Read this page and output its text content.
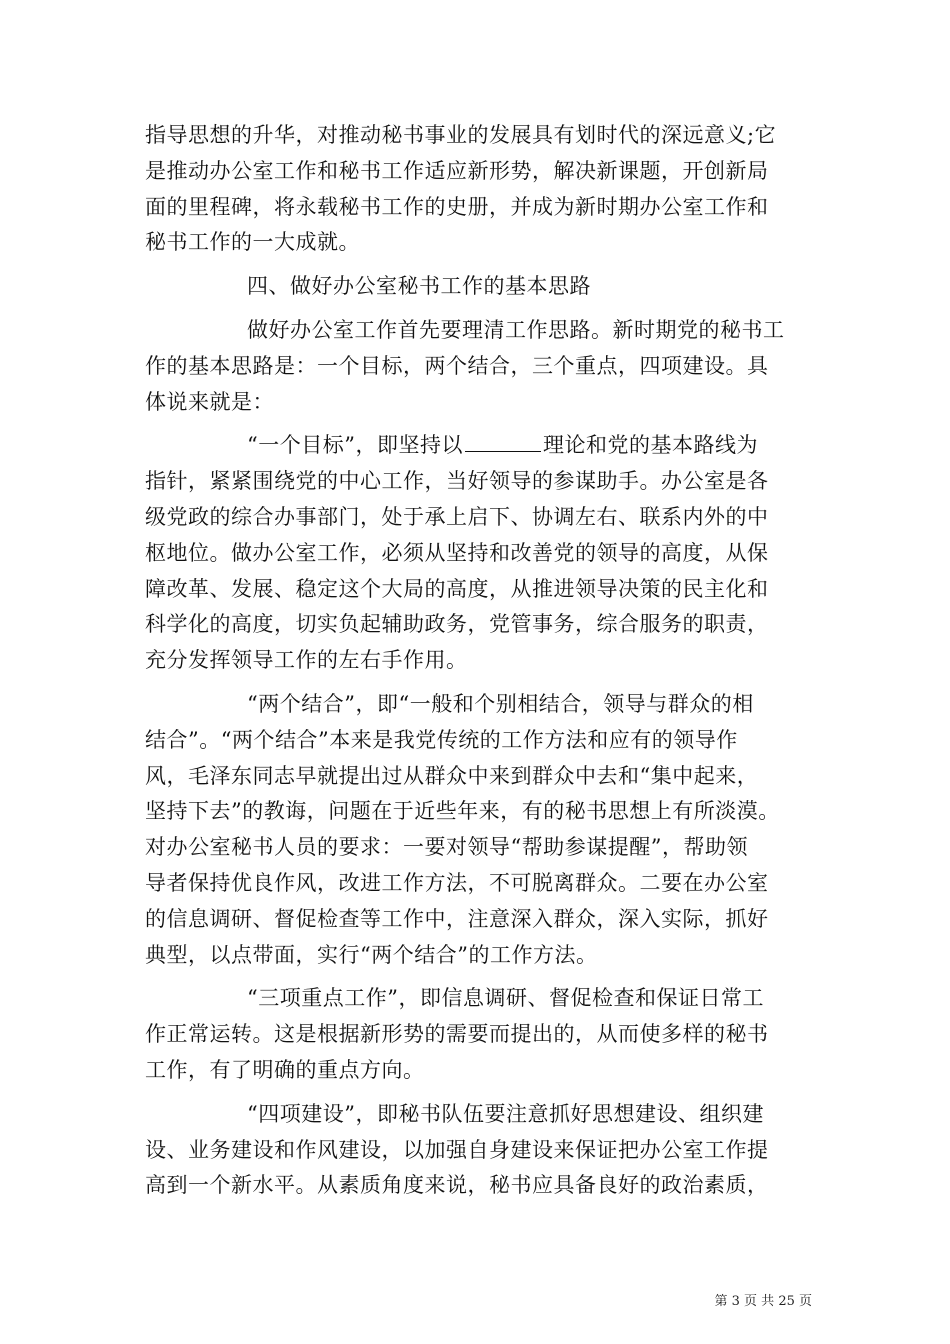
指导思想的升华，对推动秘书事业的发展具有划时代的深远意义;它
是推动办公室工作和秘书工作适应新形势，解决新课题，开创新局
面的里程碑，将永载秘书工作的史册，并成为新时期办公室工作和
秘书工作的一大成就。
四、做好办公室秘书工作的基本思路
做好办公室工作首先要理清工作思路。新时期党的秘书工
作的基本思路是：一个目标，两个结合，三个重点，四项建设。具
体说来就是：
“一个目标”，即坚持以	理论和党的基本路线为
指针，紧紧围绕党的中心工作，当好领导的参谋助手。办公室是各
级党政的综合办事部门，处于承上启下、协调左右、联系内外的中
枢地位。做办公室工作，必须从坚持和改善党的领导的高度，从保
障改革、发展、稳定这个大局的高度，从推进领导决策的民主化和
科学化的高度，切实负起辅助政务，党管事务，综合服务的职责，
充分发挥领导工作的左右手作用。
“两个结合”，即“一般和个别相结合，领导与群众的相
结合”。“两个结合”本来是我党传统的工作方法和应有的领导作
风，毛泽东同志早就提出过从群众中来到群众中去和“集中起来，
坚持下去”的教诲，问题在于近些年来，有的秘书思想上有所淡漠。
对办公室秘书人员的要求：一要对领导“帮助参谋提醒”，帮助领
导者保持优良作风，改进工作方法，不可脱离群众。二要在办公室
的信息调研、督促检查等工作中，注意深入群众，深入实际，抓好
典型，以点带面，实行“两个结合”的工作方法。
“三项重点工作”，即信息调研、督促检查和保证日常工
作正常运转。这是根据新形势的需要而提出的，从而使多样的秘书
工作，有了明确的重点方向。
“四项建设”，即秘书队伍要注意抓好思想建设、组织建
设、业务建设和作风建设，以加强自身建设来保证把办公室工作提
高到一个新水平。从素质角度来说，秘书应具备良好的政治素质，
第 3 页 共 25 页
